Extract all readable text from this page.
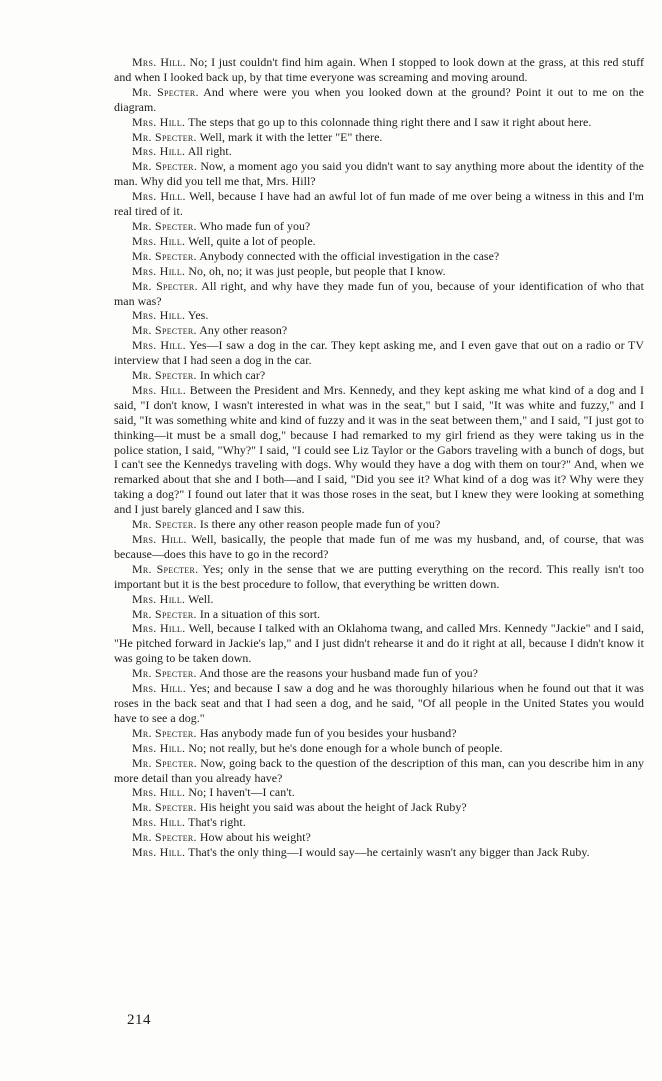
Mrs. Hill. No; I just couldn't find him again. When I stopped to look down at the grass, at this red stuff and when I looked back up, by that time everyone was screaming and moving around.

Mr. Specter. And where were you when you looked down at the ground? Point it out to me on the diagram.

Mrs. Hill. The steps that go up to this colonnade thing right there and I saw it right about here.

Mr. Specter. Well, mark it with the letter "E" there.

Mrs. Hill. All right.

Mr. Specter. Now, a moment ago you said you didn't want to say anything more about the identity of the man. Why did you tell me that, Mrs. Hill?

Mrs. Hill. Well, because I have had an awful lot of fun made of me over being a witness in this and I'm real tired of it.

Mr. Specter. Who made fun of you?

Mrs. Hill. Well, quite a lot of people.

Mr. Specter. Anybody connected with the official investigation in the case?

Mrs. Hill. No, oh, no; it was just people, but people that I know.

Mr. Specter. All right, and why have they made fun of you, because of your identification of who that man was?

Mrs. Hill. Yes.

Mr. Specter. Any other reason?

Mrs. Hill. Yes—I saw a dog in the car. They kept asking me, and I even gave that out on a radio or TV interview that I had seen a dog in the car.

Mr. Specter. In which car?

Mrs. Hill. Between the President and Mrs. Kennedy, and they kept asking me what kind of a dog and I said, "I don't know, I wasn't interested in what was in the seat," but I said, "It was white and fuzzy," and I said, "It was something white and kind of fuzzy and it was in the seat between them," and I said, "I just got to thinking—it must be a small dog," because I had remarked to my girl friend as they were taking us in the police station, I said, "Why?" I said, "I could see Liz Taylor or the Gabors traveling with a bunch of dogs, but I can't see the Kennedys traveling with dogs. Why would they have a dog with them on tour?" And, when we remarked about that she and I both—and I said, "Did you see it? What kind of a dog was it? Why were they taking a dog?" I found out later that it was those roses in the seat, but I knew they were looking at something and I just barely glanced and I saw this.

Mr. Specter. Is there any other reason people made fun of you?

Mrs. Hill. Well, basically, the people that made fun of me was my husband, and, of course, that was because—does this have to go in the record?

Mr. Specter. Yes; only in the sense that we are putting everything on the record. This really isn't too important but it is the best procedure to follow, that everything be written down.

Mrs. Hill. Well.

Mr. Specter. In a situation of this sort.

Mrs. Hill. Well, because I talked with an Oklahoma twang, and called Mrs. Kennedy "Jackie" and I said, "He pitched forward in Jackie's lap," and I just didn't rehearse it and do it right at all, because I didn't know it was going to be taken down.

Mr. Specter. And those are the reasons your husband made fun of you?

Mrs. Hill. Yes; and because I saw a dog and he was thoroughly hilarious when he found out that it was roses in the back seat and that I had seen a dog, and he said, "Of all people in the United States you would have to see a dog."

Mr. Specter. Has anybody made fun of you besides your husband?

Mrs. Hill. No; not really, but he's done enough for a whole bunch of people.

Mr. Specter. Now, going back to the question of the description of this man, can you describe him in any more detail than you already have?

Mrs. Hill. No; I haven't—I can't.

Mr. Specter. His height you said was about the height of Jack Ruby?

Mrs. Hill. That's right.

Mr. Specter. How about his weight?

Mrs. Hill. That's the only thing—I would say—he certainly wasn't any bigger than Jack Ruby.

214
